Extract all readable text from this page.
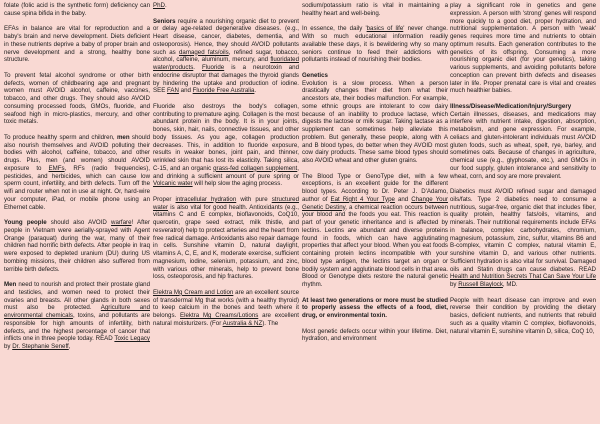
folate (folic acid is the synthetic form) deficiency can cause spina bifida in the baby.

EFAs in balance are vital for reproduction and a baby's brain and nerve development. Diets deficient in these nutrients deprive a baby of proper brain and nerve development and a strong, healthy bone structure.

To prevent fetal alcohol syndrome or other birth defects, women of childbearing age and pregnant women must AVOID alcohol, caffeine, vaccines, tobacco, and other drugs. They should also AVOID consuming processed foods, GMOs, fluoride, and seafood high in micro-plastics, mercury, and other toxic metals.

To produce healthy sperm and children, men should also nourish themselves and AVOID polluting their bodies with alcohol, caffeine, tobacco, and other drugs. Plus, men (and women) should AVOID exposure to EMFs, RFs (radio frequencies), pesticides, and herbicides, which can cause low sperm count, infertility, and birth defects. Turn off the wifi and router when not in use at night. Or, hard-wire your computer, iPad, or mobile phone using an Ethernet cable.

Young people should also AVOID warfare! After people in Vietnam were aerially-sprayed with Agent Orange (paraquat) during the war, many of their children had horrific birth defects. After people in Iraq were exposed to depleted uranium (DU) during US bombing missions, their children also suffered from terrible birth defects.

Men need to nourish and protect their prostate gland and testicles, and women need to protect their ovaries and breasts. All other glands in both sexes must also be protected. Agriculture and environmental chemicals, toxins, and pollutants are responsible for high amounts of infertility, birth defects, and the highest percentage of cancer that inflicts one in three people today. READ Toxic Legacy by Dr. Stephanie Seneff,

PhD.

Seniors require a nourishing organic diet to prevent or delay age-related degenerative diseases. (e.g., Heart disease, cancer, diabetes, dementia, and osteoporosis). Hence, they should AVOID pollutants such as damaged fats/oils, refined sugar, tobacco, alcohol, caffeine, aluminum, mercury, and fluoridated water/products. Fluoride is a neurotoxin and endocrine disruptor that damages the thyroid glands by hindering the uptake and production of iodine. SEE FAN and Fluoride Free Australia.

Fluoride also destroys the body's collagen, contributing to premature aging. Collagen is the most abundant protein in the body. It is in your joints, bones, skin, hair, nails, connective tissues, and other body tissues. As you age, collagen production decreases. This, in addition to fluoride exposure, results in weaker bones, joint pain, and thinner, wrinkled skin that has lost its elasticity. Taking silica, C-15, and an organic grass-fed collagen supplement, and drinking a sufficient amount of pure spring or Volcanic water will help slow the aging process.

Proper intracellular hydration with pure structured water is also vital for good health. Antioxidants (e.g., vitamins C and E complex, bioflavonoids, CoQ10, quercetin, grape seed extract, milk thistle, and resveratrol) help to protect arteries and the heart from free radical damage. Antioxidants also repair damage in cells. Sunshine vitamin D, natural daylight, vitamins A, C, E, and K, moderate exercise, sufficient magnesium, iodine, selenium, potassium, and zinc, with various other minerals, help to prevent bone loss, osteoporosis, and hip fractures.

Elektra Mg Cream and Lotion are an excellent source of transdermal Mg that works (with a healthy thyroid) to keep calcium in the bones and teeth where it belongs. Elektra Mg Creams/Lotions are excellent natural moisturizers. (For Australia & NZ). The

sodium/potassium ratio is vital in maintaining a healthy heart and well-being.

In essence, the daily 'basics of life' never change. With so much educational information readily available these days, it is bewildering why so many seniors continue to feed their addictions with pollutants instead of nourishing their bodies.

Genetics

Evolution is a slow process. When a person drastically changes their diet from what their ancestors ate, their bodies malfunction. For example, some ethnic groups are intolerant to cow dairy because of an inability to produce lactase, which digests the lactose or milk sugar. Taking lactase as a supplement can sometimes help alleviate this problem. But generally, these people, along with A and B blood types, do better when they AVOID most cow dairy products. These same blood types should also AVOID wheat and other gluten grains.

The Blood Type or GenoType diet, with a few exceptions, is an excellent guide for the different blood types. According to Dr. Peter J. D'Adamo, author of Eat Right 4 Your Type and Change Your Genetic Destiny, a chemical reaction occurs between your blood and the foods you eat. This reaction is part of your genetic inheritance and is affected by lectins. Lectins are abundant and diverse proteins found in foods, which can have agglutinating properties that affect your blood. When you eat foods containing protein lectins incompatible with your blood type antigen, the lectins target an organ or bodily system and agglutinate blood cells in that area. Blood or Genotype diets restore the natural genetic rhythm.

At least two generations or more must be studied to properly assess the effects of a food, diet, drug, or environmental toxin.

Most genetic defects occur within your lifetime. Diet, hydration, and environment

play a significant role in genetics and gene expression. A person with 'strong' genes will respond more quickly to a good diet, proper hydration, and nutritional supplementation. A person with 'weak' genes requires more time and nutrients to obtain optimum results. Each generation contributes to the genetics of its offspring. Consuming a more nourishing organic diet (for your genetics), taking various supplements, and avoiding pollutants before conception can prevent birth defects and diseases later in life. Proper prenatal care is vital and creates much healthier babies.

Illness/Disease/Medication/Injury/Surgery

Certain illnesses, diseases, and medications may interfere with nutrient intake, digestion, absorption, metabolism, and gene expression. For example, celiacs and gluten-intolerant individuals must AVOID gluten foods, such as wheat, spelt, rye, barley, and sometimes oats. Because of changes in agriculture, chemical use (e.g., glyphosate, etc.), and GMOs in our food supply, gluten intolerance and sensitivity to wheat, corn, and soy are more prevalent.

Diabetics must AVOID refined sugar and damaged oils/fats. Type 2 diabetics need to consume a nutritious, sugar-free, organic diet that includes fiber, quality protein, healthy fats/oils, vitamins, and minerals. Their nutritional requirements include EFAs in balance, complex carbohydrates, chromium, magnesium, potassium, zinc, sulfur, vitamins B6 and B-complex, vitamin C complex, natural vitamin E, sunshine vitamin D, and various other nutrients. Sufficient hydration is also vital for survival. Damaged oils and Statin drugs can cause diabetes. READ Health and Nutrition Secrets That Can Save Your Life by Russell Blaylock, MD.

People with heart disease can improve and even reverse their condition by providing the dietary basics, deficient nutrients, and nutrients that rebuild such as a quality vitamin C complex, bioflavonoids, natural vitamin E, sunshine vitamin D, silica, CoQ 10,
